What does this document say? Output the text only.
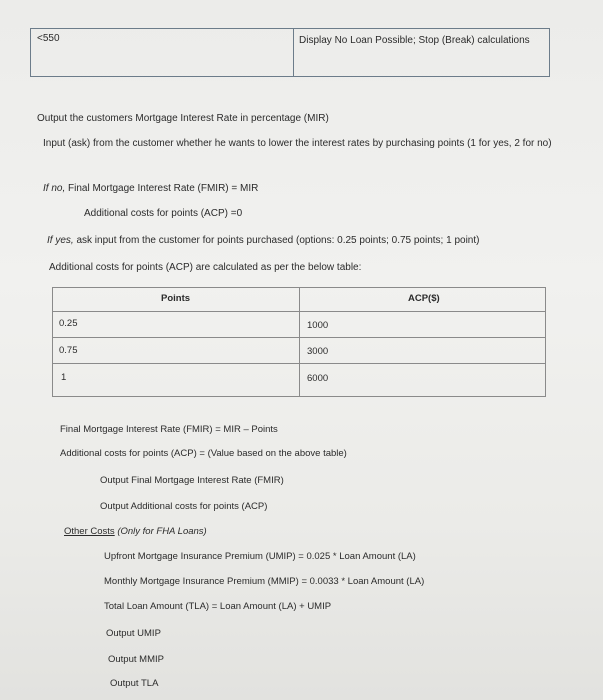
<550	Display No Loan Possible; Stop (Break) calculations
Output the customers Mortgage Interest Rate in percentage (MIR)
Input (ask) from the customer whether he wants to lower the interest rates by purchasing points (1 for yes, 2 for no)
If no, Final Mortgage Interest Rate (FMIR) = MIR
Additional costs for points (ACP) =0
If yes, ask input from the customer for points purchased (options: 0.25 points; 0.75 points; 1 point)
Additional costs for points (ACP) are calculated as per the below table:
Points	ACP($)
0.25	1000
0.75	3000
1	6000
Final Mortgage Interest Rate (FMIR) = MIR – Points
Additional costs for points (ACP) = (Value based on the above table)
Output Final Mortgage Interest Rate (FMIR)
Output Additional costs for points (ACP)
Other Costs (Only for FHA Loans)
Upfront Mortgage Insurance Premium (UMIP) = 0.025 * Loan Amount (LA)
Monthly Mortgage Insurance Premium (MMIP) = 0.0033 * Loan Amount (LA)
Total Loan Amount (TLA) = Loan Amount (LA) + UMIP
Output UMIP
Output MMIP
Output TLA
